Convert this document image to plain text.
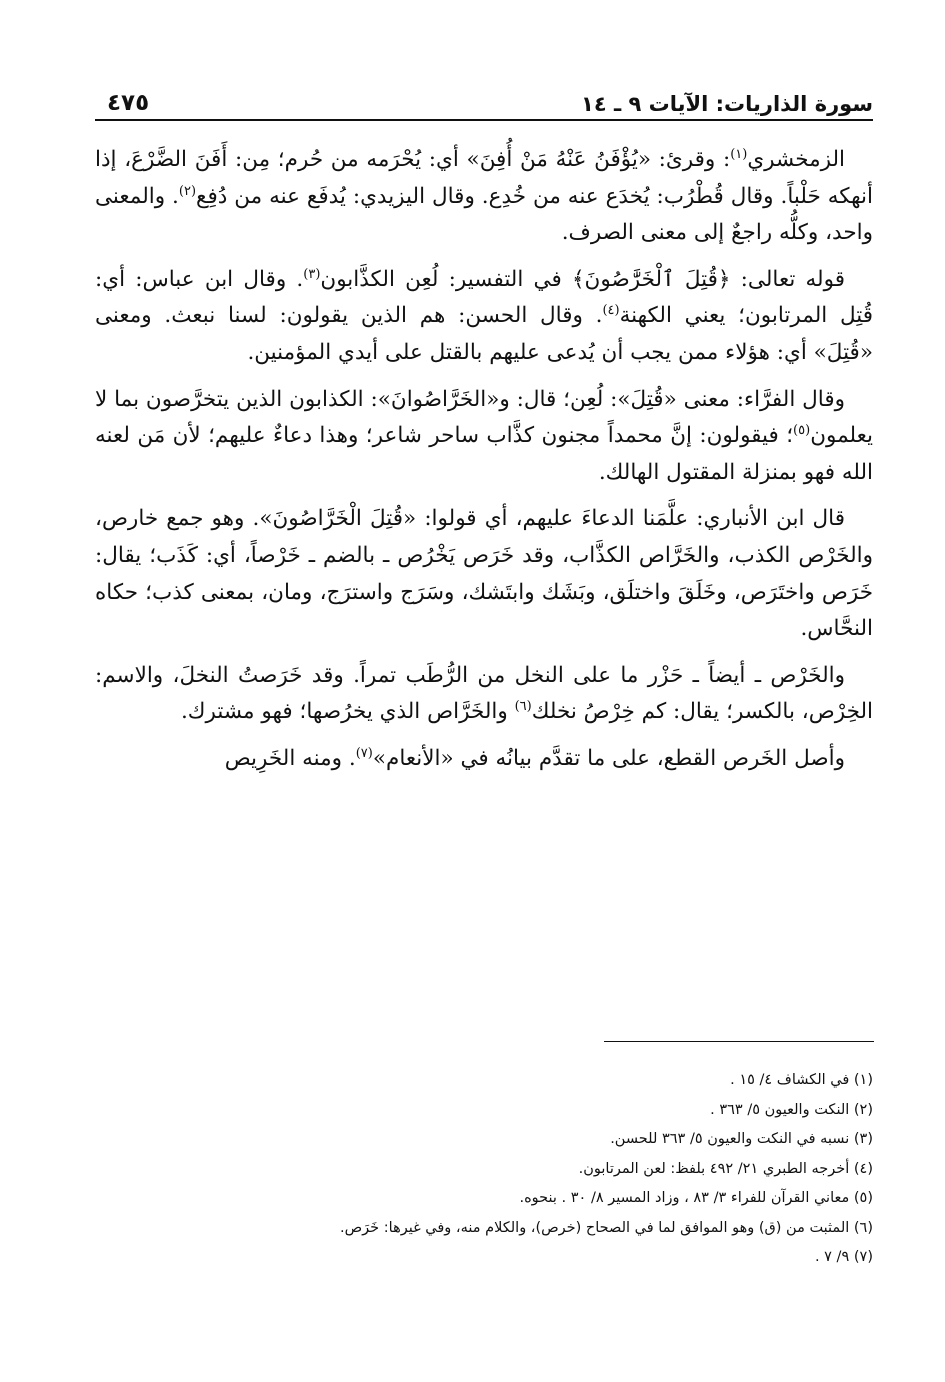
سورة الذاريات: الآيات ٩ ـ ١٤
٤٧٥

الزمخشري$^{(١)}$: وقرئ: «يُؤْفَنُ عَنْهُ مَنْ أُفِنَ» أي: يُحْرَمه من حُرم؛ مِن: أَفَنَ الضَّرْعَ، إذا أنهكه حَلْباً. وقال قُطْرُب: يُخدَع عنه من خُدِع. وقال اليزيدي: يُدفَع عنه من دُفِع$^{(٢)}$. والمعنى واحد، وكلُّه راجعٌ إلى معنى الصرف.

قوله تعالى: ﴿قُتِلَ ٱلْخَرَّٰصُونَ﴾ في التفسير: لُعِن الكذَّابون$^{(٣)}$. وقال ابن عباس: أي: قُتِل المرتابون؛ يعني الكهنة$^{(٤)}$. وقال الحسن: هم الذين يقولون: لسنا نبعث. ومعنى «قُتِلَ» أي: هؤلاء ممن يجب أن يُدعى عليهم بالقتل على أيدي المؤمنين.

وقال الفرَّاء: معنى «قُتِلَ»: لُعِن؛ قال: و«الخَرَّاصُوانَ»: الكذابون الذين يتخرَّصون بما لا يعلمون$^{(٥)}$؛ فيقولون: إنَّ محمداً مجنون كذَّاب ساحر شاعر؛ وهذا دعاءٌ عليهم؛ لأن مَن لعنه الله فهو بمنزلة المقتول الهالك.

قال ابن الأنباري: علَّمَنا الدعاءَ عليهم، أي قولوا: «قُتِلَ الْخَرَّاصُونَ». وهو جمع خارص، والخَرْص الكذب، والخَرَّاص الكذَّاب، وقد خَرَص يَخْرُص ـ بالضم ـ خَرْصاً، أي: كَذَب؛ يقال: خَرَص واختَرَص، وخَلَقَ واختلَق، وبَشَك وابتَشك، وسَرَج واسترَج، ومان، بمعنى كذب؛ حكاه النحَّاس.

والخَرْص ـ أيضاً ـ حَزْر ما على النخل من الرُّطَب تمراً. وقد خَرَصتُ النخلَ، والاسم: الخِرْص، بالكسر؛ يقال: كم خِرْصُ نخلك$^{(٦)}$ والخَرَّاص الذي يخرُصها؛ فهو مشترك.

وأصل الخَرص القطع، على ما تقدَّم بيانُه في «الأنعام»$^{(٧)}$. ومنه الخَرِيص

(١) في الكشاف ٤/ ١٥ .
(٢) النكت والعيون ٥/ ٣٦٣ .
(٣) نسبه في النكت والعيون ٥/ ٣٦٣ للحسن.
(٤) أخرجه الطبري ٢١/ ٤٩٢ بلفظ: لعن المرتابون.
(٥) معاني القرآن للفراء ٣/ ٨٣ ، وزاد المسير ٨/ ٣٠ . بنحوه.
(٦) المثبت من (ق) وهو الموافق لما في الصحاح (خرص)، والكلام منه، وفي غيرها: خَرَص.
(٧) ٩/ ٧ .
